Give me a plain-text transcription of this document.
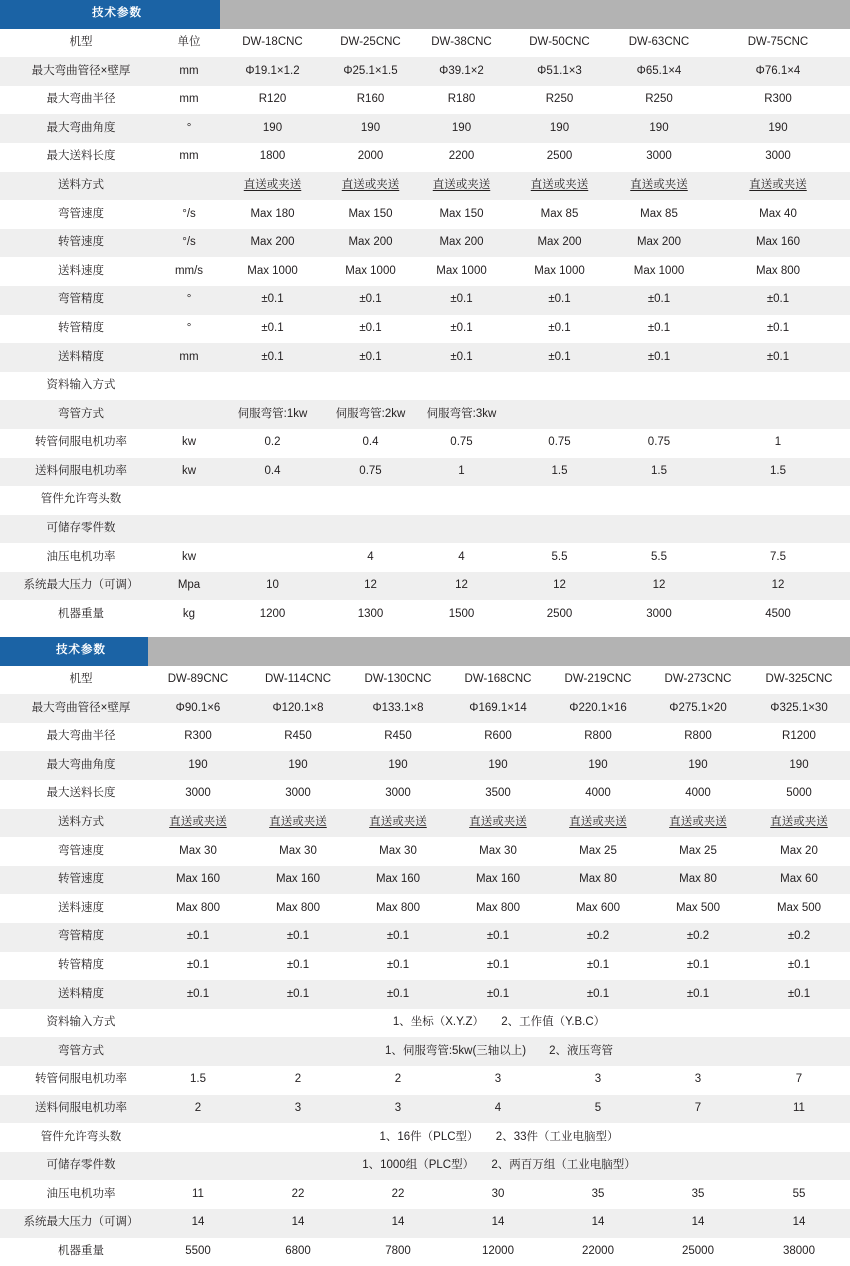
技术参数							
机型	单位	DW-18CNC	DW-25CNC	DW-38CNC	DW-50CNC	DW-63CNC	DW-75CNC
最大弯曲管径×壁厚	mm	Φ19.1×1.2	Φ25.1×1.5	Φ39.1×2	Φ51.1×3	Φ65.1×4	Φ76.1×4
最大弯曲半径	mm	R120	R160	R180	R250	R250	R300
最大弯曲角度	°	190	190	190	190	190	190
最大送料长度	mm	1800	2000	2200	2500	3000	3000
送料方式		直送或夹送	直送或夹送	直送或夹送	直送或夹送	直送或夹送	直送或夹送
弯管速度	°/s	Max 180	Max 150	Max 150	Max 85	Max 85	Max 40
转管速度	°/s	Max 200	Max 200	Max 200	Max 200	Max 200	Max 160
送料速度	mm/s	Max 1000	Max 1000	Max 1000	Max 1000	Max 1000	Max 800
弯管精度	°	±0.1	±0.1	±0.1	±0.1	±0.1	±0.1
转管精度	°	±0.1	±0.1	±0.1	±0.1	±0.1	±0.1
送料精度	mm	±0.1	±0.1	±0.1	±0.1	±0.1	±0.1
资料输入方式							
弯管方式		伺服弯管:1kw	伺服弯管:2kw	伺服弯管:3kw			
转管伺服电机功率	kw	0.2	0.4	0.75	0.75	0.75	1
送料伺服电机功率	kw	0.4	0.75	1	1.5	1.5	1.5
管件允许弯头数							
可储存零件数							
油压电机功率	kw		4	4	5.5	5.5	7.5
系统最大压力（可调）	Mpa	10	12	12	12	12	12
机器重量	kg	1200	1300	1500	2500	3000	4500
技术参数							
机型	DW-89CNC	DW-114CNC	DW-130CNC	DW-168CNC	DW-219CNC	DW-273CNC	DW-325CNC
最大弯曲管径×壁厚	Φ90.1×6	Φ120.1×8	Φ133.1×8	Φ169.1×14	Φ220.1×16	Φ275.1×20	Φ325.1×30
最大弯曲半径	R300	R450	R450	R600	R800	R800	R1200
最大弯曲角度	190	190	190	190	190	190	190
最大送料长度	3000	3000	3000	3500	4000	4000	5000
送料方式	直送或夹送	直送或夹送	直送或夹送	直送或夹送	直送或夹送	直送或夹送	直送或夹送
弯管速度	Max 30	Max 30	Max 30	Max 30	Max 25	Max 25	Max 20
转管速度	Max 160	Max 160	Max 160	Max 160	Max 80	Max 80	Max 60
送料速度	Max 800	Max 800	Max 800	Max 800	Max 600	Max 500	Max 500
弯管精度	±0.1	±0.1	±0.1	±0.1	±0.2	±0.2	±0.2
转管精度	±0.1	±0.1	±0.1	±0.1	±0.1	±0.1	±0.1
送料精度	±0.1	±0.1	±0.1	±0.1	±0.1	±0.1	±0.1
资料输入方式	1、坐标（X.Y.Z）　　2、工作值（Y.B.C）						
弯管方式	1、伺服弯管:5kw(三轴以上)　　2、液压弯管						
转管伺服电机功率	1.5	2	2	3	3	3	7
送料伺服电机功率	2	3	3	4	5	7	11
管件允许弯头数	1、16件（PLC型）　　2、33件（工业电脑型）						
可储存零件数	1、1000组（PLC型）　　2、两百万组（工业电脑型）						
油压电机功率	11	22	22	30	35	35	55
系统最大压力（可调）	14	14	14	14	14	14	14
机器重量	5500	6800	7800	12000	22000	25000	38000
